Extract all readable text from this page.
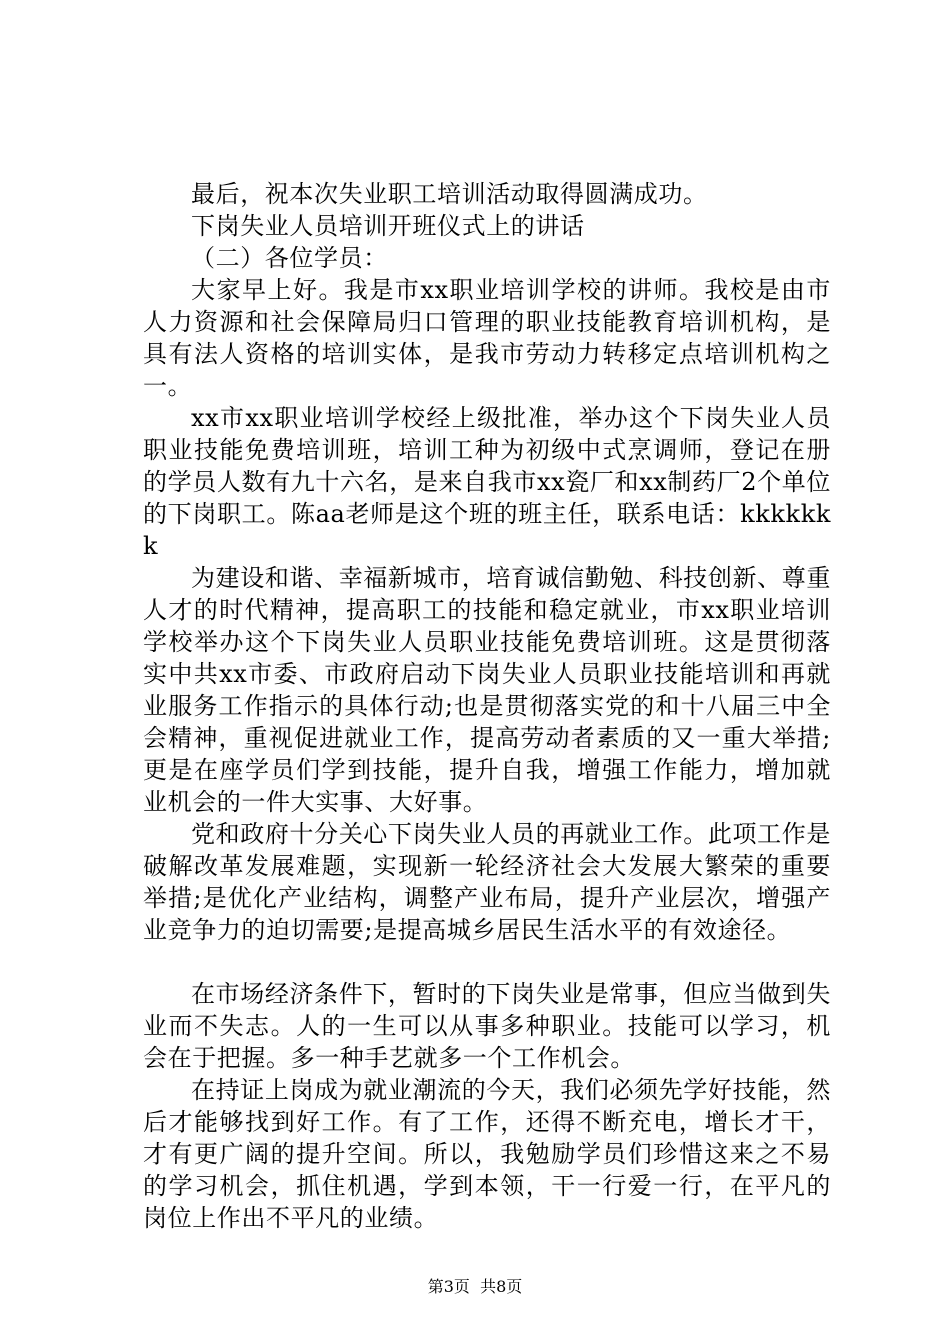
最后，祝本次失业职工培训活动取得圆满成功。

下岗失业人员培训开班仪式上的讲话

（二）各位学员：

大家早上好。我是市xx职业培训学校的讲师。我校是由市人力资源和社会保障局归口管理的职业技能教育培训机构，是具有法人资格的培训实体，是我市劳动力转移定点培训机构之一。

xx市xx职业培训学校经上级批准，举办这个下岗失业人员职业技能免费培训班，培训工种为初级中式烹调师，登记在册的学员人数有九十六名，是来自我市xx瓷厂和xx制药厂2个单位的下岗职工。陈aa老师是这个班的班主任，联系电话：kkkkkkk

为建设和谐、幸福新城市，培育诚信勤勉、科技创新、尊重人才的时代精神，提高职工的技能和稳定就业，市xx职业培训学校举办这个下岗失业人员职业技能免费培训班。这是贯彻落实中共xx市委、市政府启动下岗失业人员职业技能培训和再就业服务工作指示的具体行动;也是贯彻落实党的和十八届三中全会精神，重视促进就业工作，提高劳动者素质的又一重大举措;更是在座学员们学到技能，提升自我，增强工作能力，增加就业机会的一件大实事、大好事。

党和政府十分关心下岗失业人员的再就业工作。此项工作是破解改革发展难题，实现新一轮经济社会大发展大繁荣的重要举措;是优化产业结构，调整产业布局，提升产业层次，增强产业竞争力的迫切需要;是提高城乡居民生活水平的有效途径。

在市场经济条件下，暂时的下岗失业是常事，但应当做到失业而不失志。人的一生可以从事多种职业。技能可以学习，机会在于把握。多一种手艺就多一个工作机会。

在持证上岗成为就业潮流的今天，我们必须先学好技能，然后才能够找到好工作。有了工作，还得不断充电，增长才干，才有更广阔的提升空间。所以，我勉励学员们珍惜这来之不易的学习机会，抓住机遇，学到本领，干一行爱一行，在平凡的岗位上作出不平凡的业绩。

第3页  共8页
